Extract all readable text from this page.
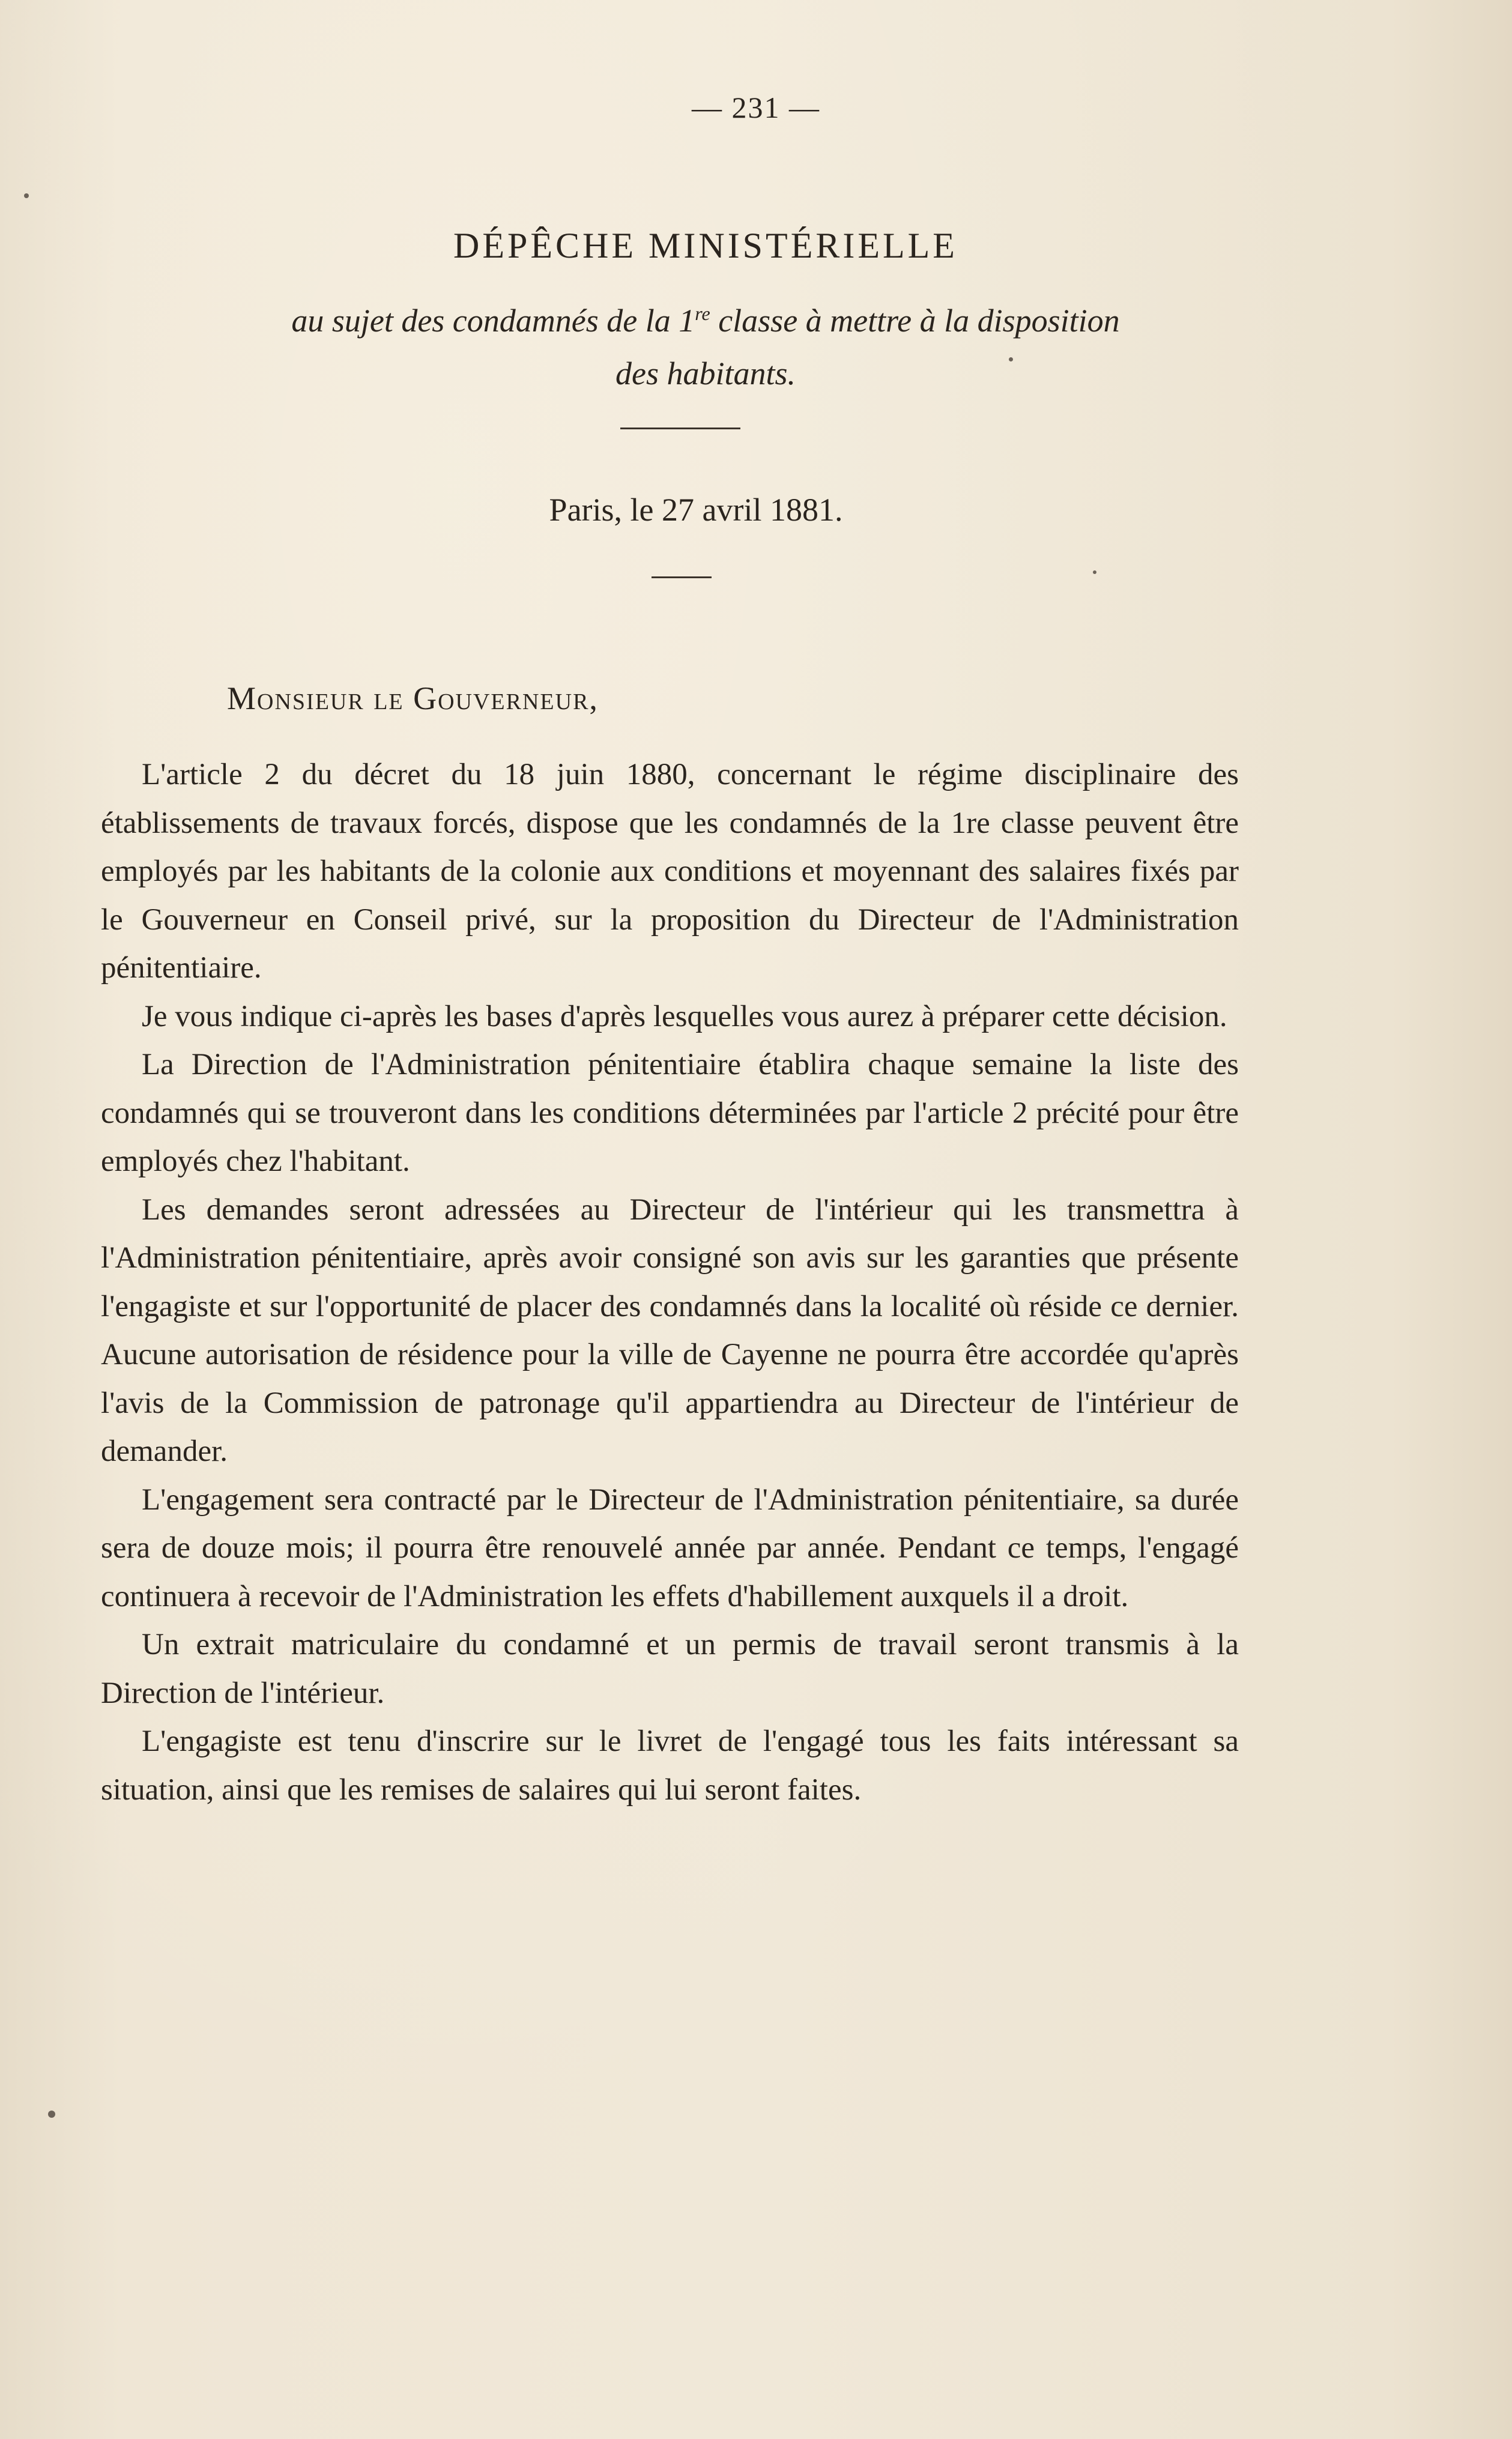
— 231 —
DÉPÊCHE MINISTÉRIELLE
au sujet des condamnés de la 1re classe à mettre à la disposition
des habitants.
Paris, le 27 avril 1881.
Monsieur le Gouverneur,

L'article 2 du décret du 18 juin 1880, concernant le régime disciplinaire des établissements de travaux forcés, dispose que les condamnés de la 1re classe peuvent être employés par les habitants de la colonie aux conditions et moyennant des salaires fixés par le Gouverneur en Conseil privé, sur la proposition du Directeur de l'Administration pénitentiaire.

Je vous indique ci-après les bases d'après lesquelles vous aurez à préparer cette décision.

La Direction de l'Administration pénitentiaire établira chaque semaine la liste des condamnés qui se trouveront dans les conditions déterminées par l'article 2 précité pour être employés chez l'habitant.

Les demandes seront adressées au Directeur de l'intérieur qui les transmettra à l'Administration pénitentiaire, après avoir consigné son avis sur les garanties que présente l'engagiste et sur l'opportunité de placer des condamnés dans la localité où réside ce dernier. Aucune autorisation de résidence pour la ville de Cayenne ne pourra être accordée qu'après l'avis de la Commission de patronage qu'il appartiendra au Directeur de l'intérieur de demander.

L'engagement sera contracté par le Directeur de l'Administration pénitentiaire, sa durée sera de douze mois; il pourra être renouvelé année par année. Pendant ce temps, l'engagé continuera à recevoir de l'Administration les effets d'habillement auxquels il a droit.

Un extrait matriculaire du condamné et un permis de travail seront transmis à la Direction de l'intérieur.

L'engagiste est tenu d'inscrire sur le livret de l'engagé tous les faits intéressant sa situation, ainsi que les remises de salaires qui lui seront faites.
